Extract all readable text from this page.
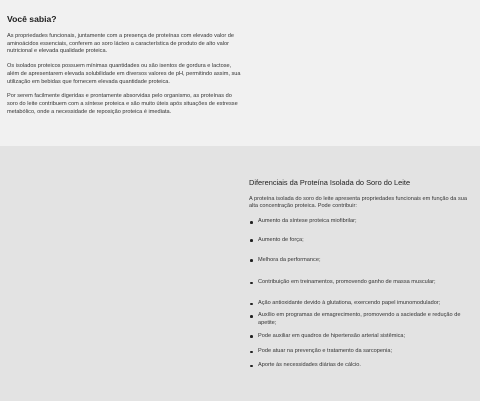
Você sabia?

As propriedades funcionais, juntamente com a presença de proteínas com elevado valor de aminoácidos essenciais, conferem ao soro lácteo a característica de produto de alto valor nutricional e elevada qualidade proteica.

Os isolados proteicos possuem mínimas quantidades ou são isentos de gordura e lactose, além de apresentarem elevada solubilidade em diversos valores de pH, permitindo assim, sua utilização em bebidas que fornecem elevada quantidade proteica.

Por serem facilmente digeridas e prontamente absorvidas pelo organismo, as proteínas do soro do leite contribuem com a síntese proteica e são muito úteis após situações de estresse metabólico, onde a necessidade de reposição proteica é imediata.

Diferenciais da Proteína Isolada do Soro do Leite

A proteína isolada do soro do leite apresenta propriedades funcionais em função da sua alta concentração proteica. Pode contribuir:

Aumento da síntese proteica miofibrilar;
Aumento de força;
Melhora da performance;
Contribuição em treinamentos, promovendo ganho de massa muscular;
Ação antioxidante devido à glutationa, exercendo papel imunomodulador;
Auxílio em programas de emagrecimento, promovendo a saciedade e redução de apetite;
Pode auxiliar em quadros de hipertensão arterial sistêmica;
Pode atuar na prevenção e tratamento da sarcopenia;
Aporte às necessidades diárias de cálcio.
